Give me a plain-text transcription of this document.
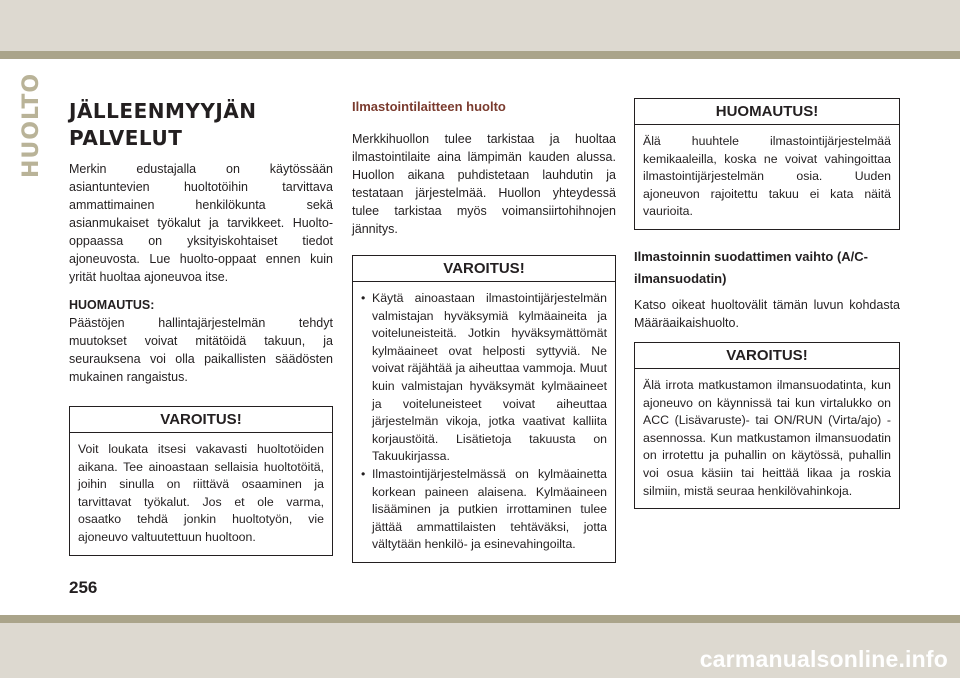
HUOLTO JÄLLEENMYYJÄN PALVELUT

Merkin edustajalla on käytössään asiantuntevien huoltotöihin tarvittava ammattimainen henkilökunta sekä asianmukaiset työkalut ja tarvikkeet. Huolto-oppaassa on yksityiskohtaiset tiedot ajoneuvosta. Lue huolto-oppaat ennen kuin yrität huoltaa ajoneuvoa itse.

HUOMAUTUS:

Päästöjen hallintajärjestelmän tehdyt muutokset voivat mitätöidä takuun, ja seurauksena voi olla paikallisten säädösten mukainen rangaistus.

VAROITUS!
Voit loukata itsesi vakavasti huoltotöiden aikana. Tee ainoastaan sellaisia huoltotöitä, joihin sinulla on riittävä osaaminen ja tarvittavat työkalut. Jos et ole varma, osaatko tehdä jonkin huoltotyön, vie ajoneuvo valtuutettuun huoltoon.
Ilmastointilaitteen huolto

Merkkihuollon tulee tarkistaa ja huoltaa ilmastointilaite aina lämpimän kauden alussa. Huollon aikana puhdistetaan lauhdutin ja testataan järjestelmää. Huollon yhteydessä tulee tarkistaa myös voimansiirtohihnojen jännitys.

VAROITUS!
• Käytä ainoastaan ilmastointijärjestelmän valmistajan hyväksymiä kylmäaineita ja voiteluneisteitä. Jotkin hyväksymättömät kylmäaineet ovat helposti syttyviä. Ne voivat räjähtää ja aiheuttaa vammoja. Muut kuin valmistajan hyväksymät kylmäaineet ja voiteluneisteet voivat aiheuttaa järjestelmän vikoja, jotka vaativat kalliita korjaustöitä. Lisätietoja takuusta on Takuukirjassa.
• Ilmastointijärjestelmässä on kylmäainetta korkean paineen alaisena. Kylmäaineen lisääminen ja putkien irrottaminen tulee jättää ammattilaisten tehtäväksi, jotta vältytään henkilö- ja esinevahingoilta.
HUOMAUTUS!
Älä huuhtele ilmastointijärjestelmää kemikaaleilla, koska ne voivat vahingoittaa ilmastointijärjestelmän osia. Uuden ajoneuvon rajoitettu takuu ei kata näitä vaurioita.
Ilmastoinnin suodattimen vaihto (A/C-ilmansuodatin)

Katso oikeat huoltovälit tämän luvun kohdasta Määräaikaishuolto.

VAROITUS!
Älä irrota matkustamon ilmansuodatinta, kun ajoneuvo on käynnissä tai kun virtalukko on ACC (Lisävaruste)- tai ON/RUN (Virta/ajo) -asennossa. Kun matkustamon ilmansuodatin on irrotettu ja puhallin on käytössä, puhallin voi osua käsiin tai heittää likaa ja roskia silmiin, mistä seuraa henkilövahinkoja.
256
carmanualsonline.info
